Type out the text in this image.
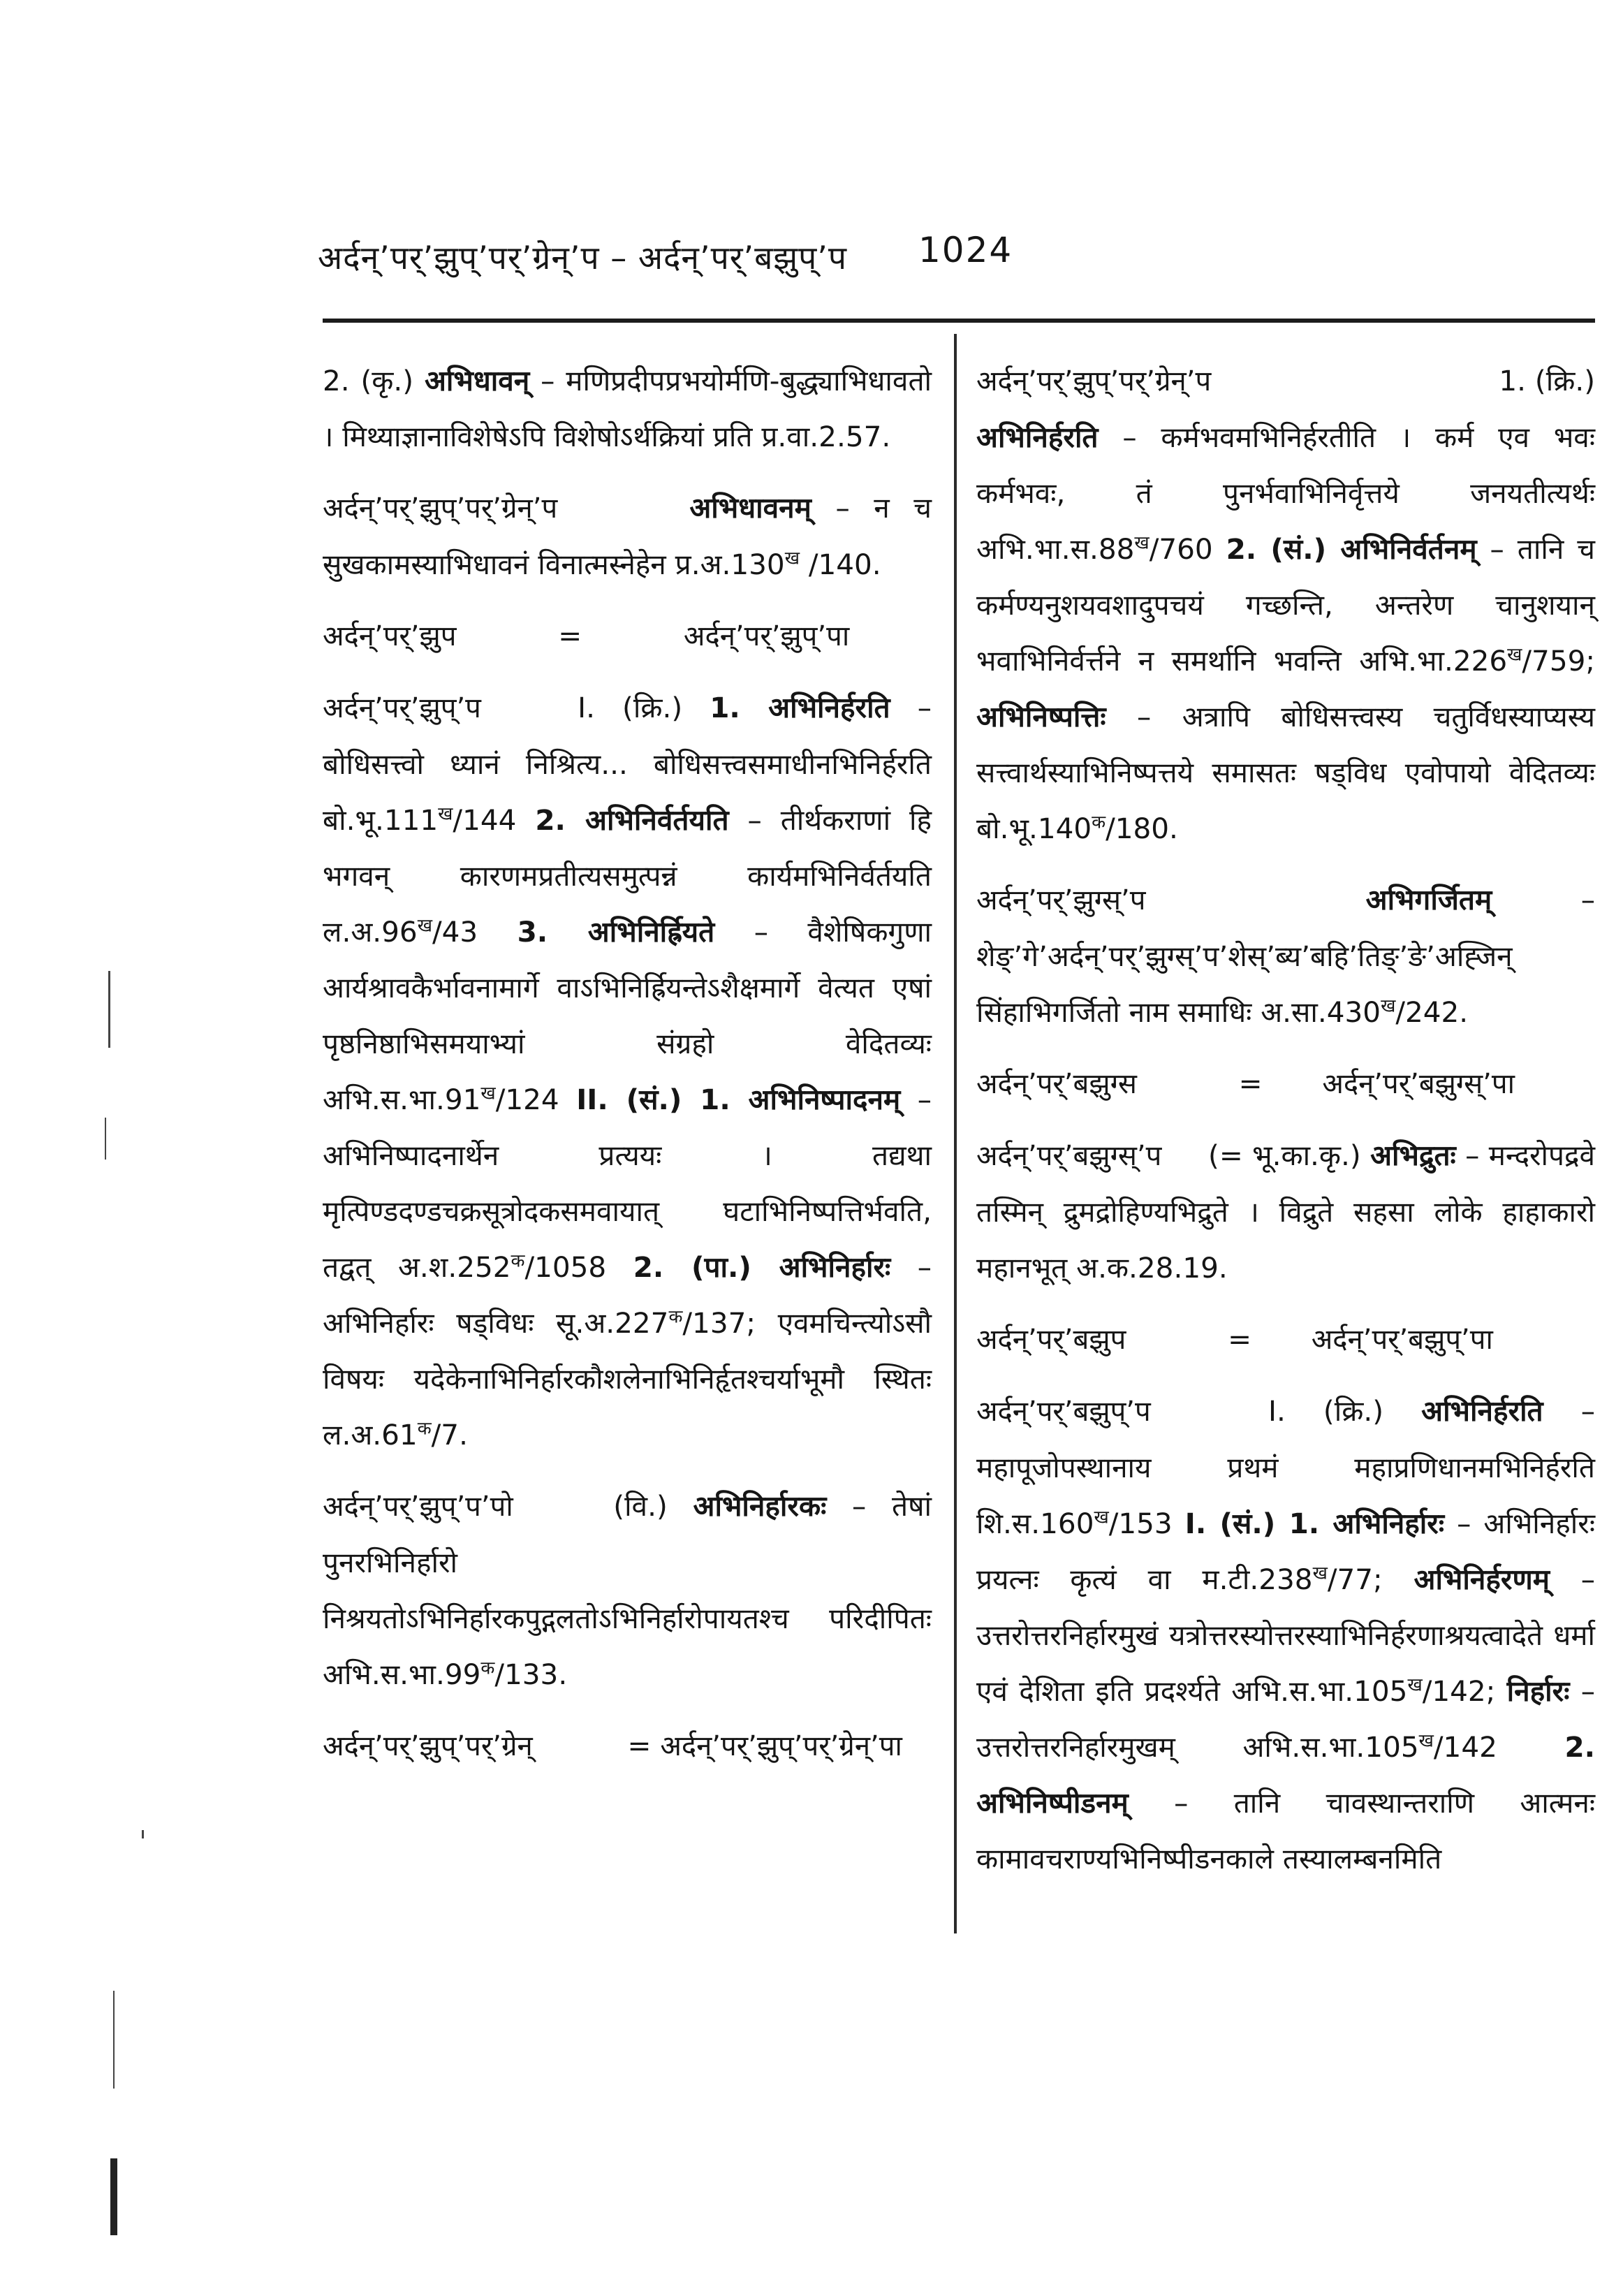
अर्दन्’पर्’झुप्’पर्’ग्रेन्’प – अर्दन्’पर्’बझुप्’प 1024

2. (कृ.) अभिधावन् – मणिप्रदीपप्रभयोर्मणि-बुद्ध्याभिधावतो । मिथ्याज्ञानाविशेषेऽपि विशेषोऽर्थक्रियां प्रति प्र.वा.2.57.

अर्दन्’पर्’झुप्’पर्’ग्रेन्’प	अभिधावनम् – न च सुखकामस्याभिधावनं विनात्मस्नेहेन $प्र.अ.130^ख$ /140.

अर्दन्’पर्’झुप	=	अर्दन्’पर्’झुप्’पा

अर्दन्’पर्’झुप्’प	I. (क्रि.) 1. अभिनिर्हरति – बोधिसत्त्वो ध्यानं निश्रित्य... बोधिसत्त्वसमाधीनभिनिर्हरति $बो.भू.111^ख/144$ 2. अभिनिर्वर्तयति – तीर्थकराणां हि भगवन् कारणमप्रतीत्यसमुत्पन्नं कार्यमभिनिर्वर्तयति $ल.अ.96^ख/43$ 3. अभिनिर्ह्रियते – वैशेषिकगुणा आर्यश्रावकैर्भावनामार्गे वाऽभिनिर्ह्रियन्तेऽशैक्षमार्गे वेत्यत एषां पृष्ठनिष्ठाभिसमयाभ्यां संग्रहो वेदितव्यः $अभि.स.भा.91^ख/124$ II. (सं.) 1. अभिनिष्पादनम् – अभिनिष्पादनार्थेन प्रत्ययः । तद्यथा मृत्पिण्डदण्डचक्रसूत्रोदकसमवायात् घटाभिनिष्पत्तिर्भवति, तद्वत् $अ.श.252^क/1058$ 2. (पा.) अभिनिर्हारः – अभिनिर्हारः षड्विधः $सू.अ.227^क/137$; एवमचिन्त्योऽसौ विषयः यदेकेनाभिनिर्हारकौशलेनाभिनिर्हृतश्चर्याभूमौ स्थितः $ल.अ.61^क/7$.

अर्दन्’पर्’झुप्’प’पो	(वि.) अभिनिर्हारकः – तेषां पुनरभिनिर्हारो निश्रयतोऽभिनिर्हारकपुद्गलतोऽभिनिर्हारोपायतश्च परिदीपितः $अभि.स.भा.99^क/133$.

अर्दन्’पर्’झुप्’पर्’ग्रेन्	= अर्दन्’पर्’झुप्’पर्’ग्रेन्’पा

अर्दन्’पर्’झुप्’पर्’ग्रेन्’प	1. (क्रि.)

अभिनिर्हरति – कर्मभवमभिनिर्हरतीति । कर्म एव भवः कर्मभवः, तं पुनर्भवाभिनिर्वृत्तये जनयतीत्यर्थः $अभि.भा.स.88^ख/760$ 2. (सं.) अभिनिर्वर्तनम् – तानि च कर्मण्यनुशयवशादुपचयं गच्छन्ति, अन्तरेण चानुशयान् भवाभिनिर्वर्त्तने न समर्थानि भवन्ति $अभि.भा.226^ख/759$; अभिनिष्पत्तिः – अत्रापि बोधिसत्त्वस्य चतुर्विधस्याप्यस्य सत्त्वार्थस्याभिनिष्पत्तये समासतः षड्विध एवोपायो वेदितव्यः $बो.भू.140^क/180$.

अर्दन्’पर्’झुग्स्’प	अभिगर्जितम्	– शेङ्’गे’अर्दन्’पर्’झुग्स्’प’शेस्’ब्य’बहि’तिङ्’ङे’अह्जिन् सिंहाभिगर्जितो नाम समाधिः $अ.सा.430^ख/242$.

अर्दन्’पर्’बझुग्स	= अर्दन्’पर्’बझुग्स्’पा

अर्दन्’पर्’बझुग्स्’प (= भू.का.कृ.) अभिद्रुतः – मन्दरोपद्रवे तस्मिन् द्रुमद्रोहिण्यभिद्रुते । विद्रुते सहसा लोके हाहाकारो महानभूत् अ.क.28.19.

अर्दन्’पर्’बझुप	= अर्दन्’पर्’बझुप्’पा

अर्दन्’पर्’बझुप्’प	I. (क्रि.) अभिनिर्हरति – महापूजोपस्थानाय प्रथमं महाप्रणिधानमभिनिर्हरति $शि.स.160^ख/153$ I. (सं.) 1. अभिनिर्हारः – अभिनिर्हारः प्रयत्नः कृत्यं वा $म.टी.238^ख/77$; अभिनिर्हरणम् – उत्तरोत्तरनिर्हारमुखं यत्रोत्तरस्योत्तरस्याभिनिर्हरणाश्रयत्वादेते धर्मा एवं देशिता इति प्रदर्श्यते $अभि.स.भा.105^ख/142$; निर्हारः – उत्तरोत्तरनिर्हारमुखम् $अभि.स.भा.105^ख/142$ 2. अभिनिष्पीडनम् – तानि चावस्थान्तराणि आत्मनः कामावचराण्यभिनिष्पीडनकाले तस्यालम्बनमिति
